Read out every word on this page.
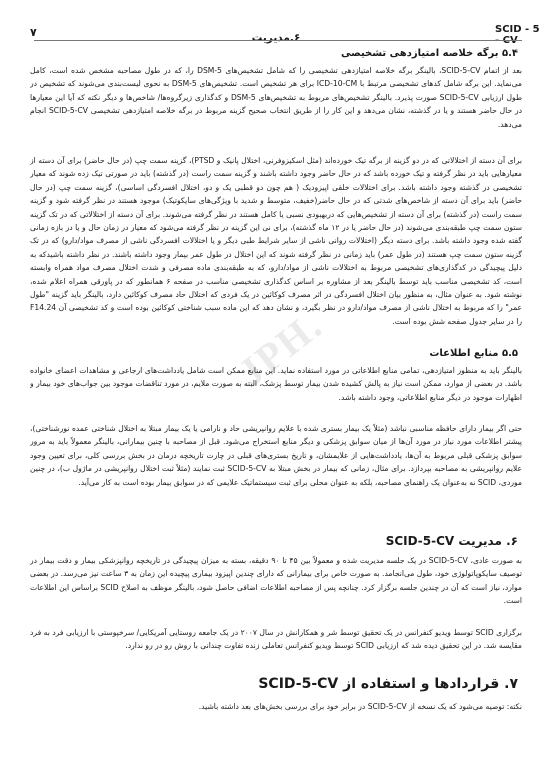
SCID - 5 - CV
۶.مدیریت
۷
JPH.
۵.۴ برگه خلاصه امتیازدهی تشخیصی
بعد از اتمام SCID-5-CV، بالینگر برگه خلاصه امتیازدهی تشخیصی را که شامل تشخیص‌های DSM-5 را، که در طول مصاحبه مشخص شده است، کامل می‌نماید. این برگه شامل کدهای تشخیصی مرتبط با ICD-10-CM برای هر تشخیص است. تشخیص‌های DSM-5 به نحوی لیست‌بندی می‌شوند که تشخیص در طول ارزیابی SCID-5-CV صورت پذیرد. بالینگر تشخیص‌های مربوط به تشخیص‌های DSM-5 و کدگذاری زیرگروه‌ها/ شاخص‌ها و دیگر نکته که آیا این معیارها در حال حاضر هستند و یا در گذشته، نشان می‌دهد و این کار را از طریق انتخاب صحیح گزینه مربوط در برگه خلاصه امتیازدهی تشخیصی SCID-5-CV انجام می‌دهد.
برای آن دسته از اختلالاتی که در دو گزینه از برگه تیک خورده‌اند (مثل اسکیزوفرنی، اختلال پانیک و PTSD)، گزینه سمت چپ (در حال حاضر) برای آن دسته از معیارهایی باید در نظر گرفته و تیک خورده باشد که در حال حاضر وجود داشته باشند و گزینه سمت راست (در گذشته) باید در صورتی تیک زده شوند که معیار تشخیصی در گذشته وجود داشته باشد. برای اختلالات خلقی اپیزودیک ( هم چون دو قطبی یک و دو، اختلال افسردگی اساسی)، گزینه سمت چپ (در حال حاضر) باید برای آن دسته از شاخص‌های شدتی که در حال حاضر(خفیف، متوسط و شدید با ویژگی‌های سایکوتیک) موجود هستند در نظر گرفته شود و گزینه سمت راست (در گذشته) برای آن دسته از تشخیص‌هایی که دربهبودی نسبی یا کامل هستند در نظر گرفته می‌شوند. برای آن دسته از اختلالاتی که در تک گزینه ستون سمت چپ طبقه‌بندی می‌شوند (در حال حاضر یا در ۱۲ ماه گذشته)، برای نی این گزینه در نظر گرفته می‌شود که معیار در زمان حال و یا در بازه زمانی گفته شده وجود داشته باشد. برای دسته دیگر (اختلالات روانی ناشی از سایر شرایط طبی دیگر و یا اختلالات افسردگی ناشی از مصرف مواد/دارو) که در تک گزینه ستون سمت چپ هستند (در طول عمر) باید زمانی در نظر گرفته شوند که این اختلال در طول عمر بیمار وجود داشته باشند. در نظر داشته باشید‌که به دلیل پیچیدگی در کدگذاری‌های تشخیصی مربوط به اختلالات ناشی از مواد/دارو، که به طبقه‌بندی ماده مصرفی و شدت اختلال مصرف مواد همراه وابسته است، کد تشخیصی مناسب باید توسط بالینگر بعد از مشاوره بر اساس کدگذاری تشخیصی مناسب در صفحه ۶ همانطور که در پاورقی همراه اعلام شده، نوشته شود. به عنوان مثال، به منظور بیان اختلال افسردگی در اثر مصرف کوکائین در یک فردی که اختلال حاد مصرف کوکائین دارد، بالینگر باید گزینه "طول عمر" را که مربوط به اختلال ناشی از مصرف مواد/دارو در نظر بگیرد، و نشان دهد که این ماده سبب شناختی کوکائین بوده است و کد تشخیصی آن F14.24 را در سایر جدول صفحه شش بوده است.
۵.۵ منابع اطلاعات
بالینگر باید به منظور امتیازدهی، تمامی منابع اطلاعاتی در مورد استفاده نماید. این منابع ممکن است شامل یادداشت‌های ارجاعی و مشاهدات اعضای خانواده باشد. در بعضی از موارد، ممکن است نیاز به پالش کشیده شدن بیمار توسط پزشک، البته به صورت ملایم، در مورد تناقضات موجود بین جواب‌های خود بیمار و اظهارات موجود در دیگر منابع اطلاعاتی، وجود داشته باشد.
حتی اگر بیمار دارای حافظه مناسبی نباشد (مثلاً یک بیمار بستری شده با علایم روانپریشی حاد و نارامی یا یک بیمار مبتلا به اختلال شناختی عمده نورشناختی)، پیشتر اطلاعات مورد نیاز در مورد آن‌ها از میان سوابق پزشکی و دیگر منابع استخراج می‌شود. قبل از مصاحبه با چنین بیمارانی، بالینگر معمولاً باید به مرور سوابق پزشکی قبلی مربوط به آن‌ها، یادداشت‌هایی از علایمشان، و تاریخ بستری‌های قبلی در چارت تاریخچه درمان در بخش بررسی کلی، برای تعیین وجود علایم روانپریشی به مصاحبه بپردازد. برای مثال، زمانی که بیمار در بخش مبتلا به SCID-5-CV ثبت نمایند (مثلاً ثبت اختلال روانپریشی در ماژول ب)، در چنین موردی، SCID نه به‌عنوان یک راهنمای مصاحبه، بلکه به عنوان محلی برای ثبت سیستماتیک علایمی که در سوابق بیمار بوده است به کار می‌آید.
۶. مدیریت SCID-5-CV
به صورت عادی، SCID-5-CV در یک جلسه مدیریت شده و معمولاً بین ۴۵ تا ۹۰ دقیقه، بسته به میزان پیچیدگی در تاریخچه روانپزشکی بیمار و دقت بیمار در توصیف سایکوپاتولوژی خود، طول می‌انجامد. به صورت خاص برای بیمارانی که دارای چندین اپیزود بیماری پیچیده این زمان به ۳ ساعت نیز می‌رسد. در بعضی موارد، نیاز است که آن در چندین جلسه برگزار کرد. چنانچه پس از مصاحبه اطلاعات اضافی حاصل شود، بالینگر موظف به اصلاح SCID براساس این اطلاعات است.
برگزاری SCID توسط ویدیو کنفرانس در یک تحقیق توسط شر و همکارانش در سال ۲۰۰۷ در یک جامعه روستایی آمریکایی/ سرخپوستی با ارزیابی فرد به فرد مقایسه شد. در این تحقیق دیده شد که ارزیابی SCID توسط ویدیو کنفرانس تعاملی زنده تفاوت چندانی با روش رو در رو ندارد.
۷. قراردادها و استفاده از SCID-5-CV
نکته: توصیه می‌شود که یک نسخه از SCID-5-CV در برابر خود برای بررسی بخش‌های بعد داشته باشید.
